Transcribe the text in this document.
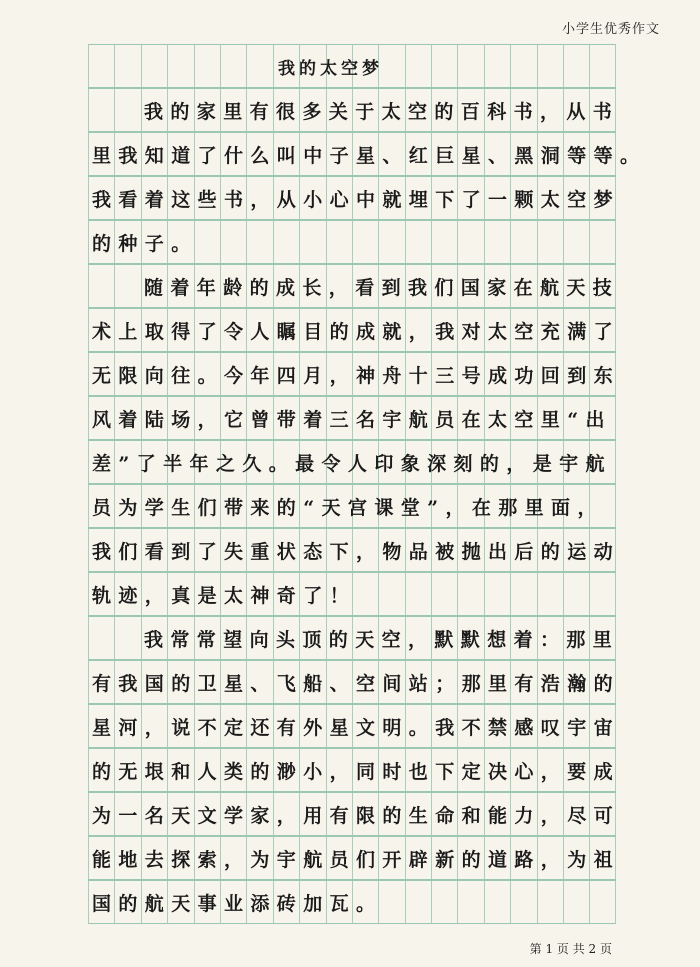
小学生优秀作文
我的太空梦
我的家里有很多关于太空的百科书，从书
里我知道了什么叫中子星、红巨星、黑洞等等。
我看着这些书，从小心中就埋下了一颗太空梦
的种子。
随着年龄的成长，看到我们国家在航天技
术上取得了令人瞩目的成就，我对太空充满了
无限向往。今年四月，神舟十三号成功回到东
风着陆场，它曾带着三名宇航员在太空里“出
差”了半年之久。最令人印象深刻的，是宇航
员为学生们带来的“天宫课堂”，在那里面，
我们看到了失重状态下，物品被抛出后的运动
轨迹，真是太神奇了！
我常常望向头顶的天空，默默想着：那里
有我国的卫星、飞船、空间站；那里有浩瀚的
星河，说不定还有外星文明。我不禁感叹宇宙
的无垠和人类的渺小，同时也下定决心，要成
为一名天文学家，用有限的生命和能力，尽可
能地去探索，为宇航员们开辟新的道路，为祖
国的航天事业添砖加瓦。
第 1 页 共 2 页
